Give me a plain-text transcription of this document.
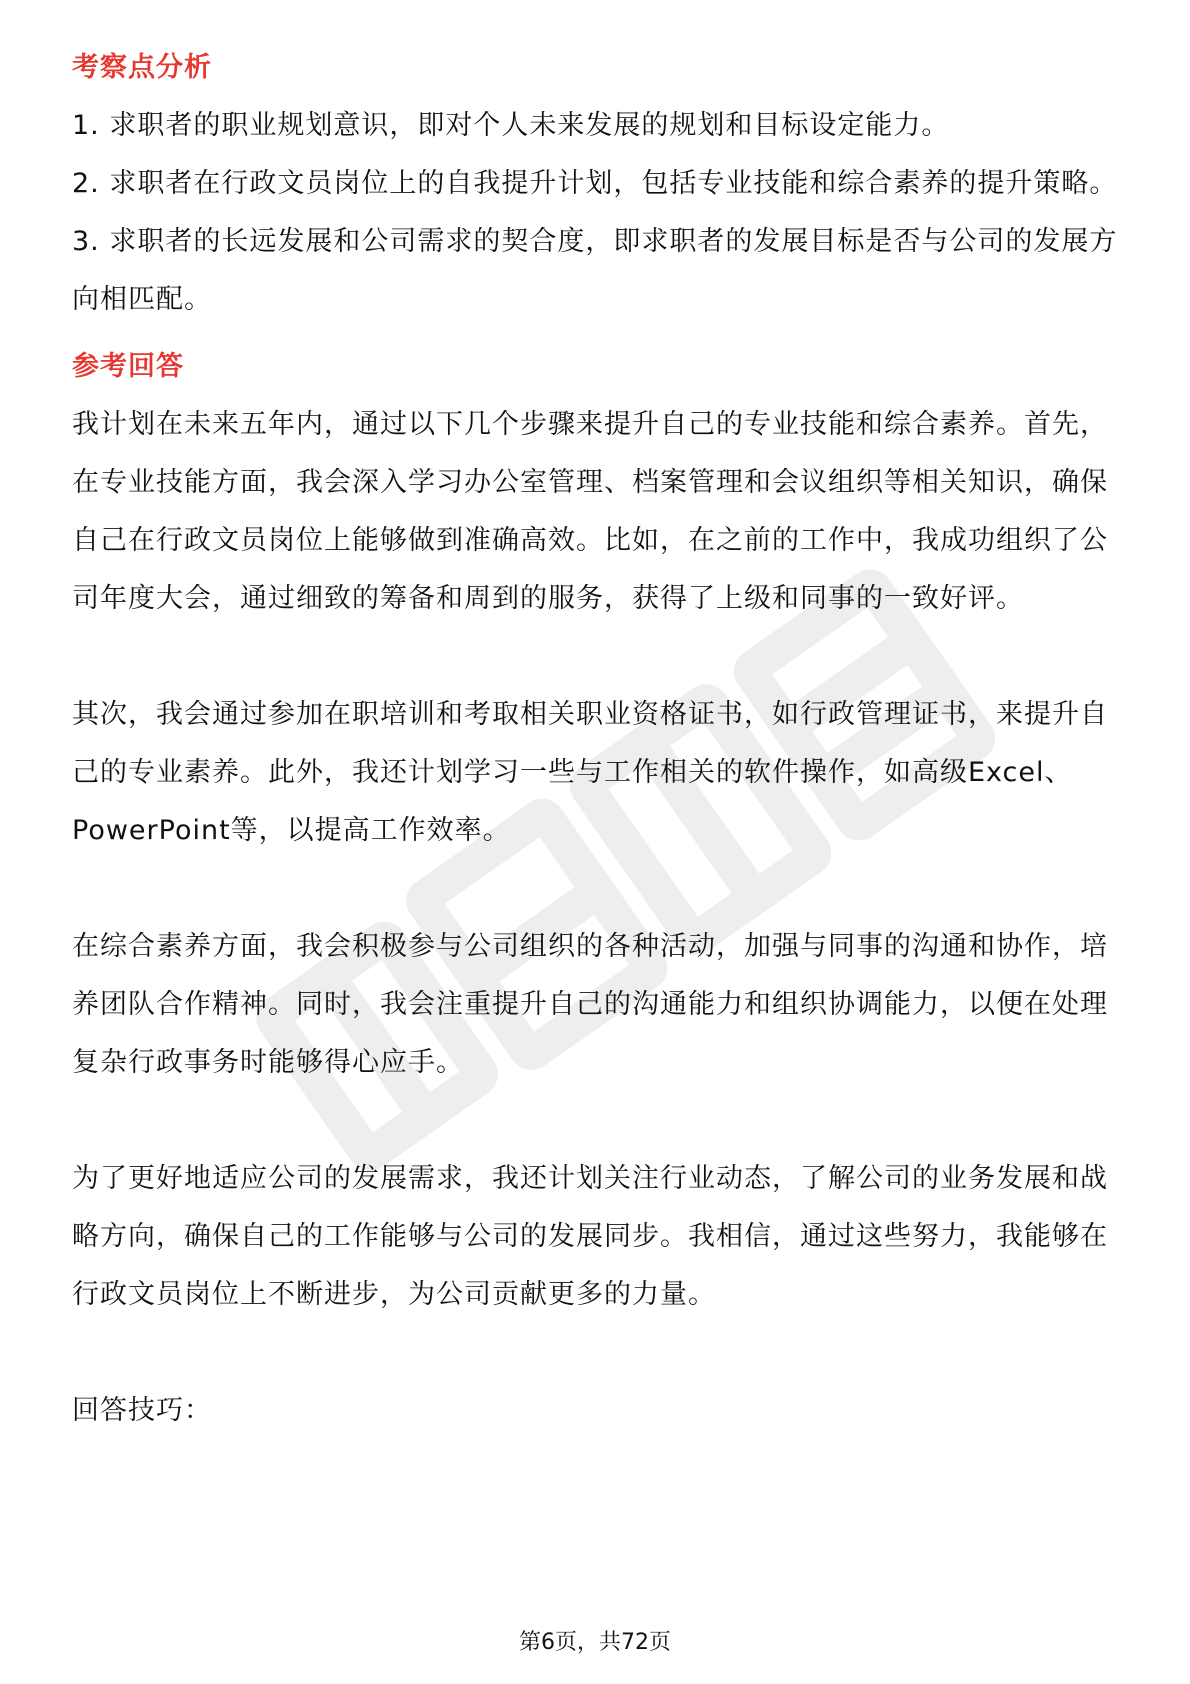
考察点分析

1. 求职者的职业规划意识，即对个人未来发展的规划和目标设定能力。

2. 求职者在行政文员岗位上的自我提升计划，包括专业技能和综合素养的提升策略。

3. 求职者的长远发展和公司需求的契合度，即求职者的发展目标是否与公司的发展方向相匹配。

参考回答

我计划在未来五年内，通过以下几个步骤来提升自己的专业技能和综合素养。首先，在专业技能方面，我会深入学习办公室管理、档案管理和会议组织等相关知识，确保自己在行政文员岗位上能够做到准确高效。比如，在之前的工作中，我成功组织了公司年度大会，通过细致的筹备和周到的服务，获得了上级和同事的一致好评。

其次，我会通过参加在职培训和考取相关职业资格证书，如行政管理证书，来提升自己的专业素养。此外，我还计划学习一些与工作相关的软件操作，如高级Excel、PowerPoint等，以提高工作效率。

在综合素养方面，我会积极参与公司组织的各种活动，加强与同事的沟通和协作，培养团队合作精神。同时，我会注重提升自己的沟通能力和组织协调能力，以便在处理复杂行政事务时能够得心应手。

为了更好地适应公司的发展需求，我还计划关注行业动态，了解公司的业务发展和战略方向，确保自己的工作能够与公司的发展同步。我相信，通过这些努力，我能够在行政文员岗位上不断进步，为公司贡献更多的力量。

回答技巧：

第6页，共72页
